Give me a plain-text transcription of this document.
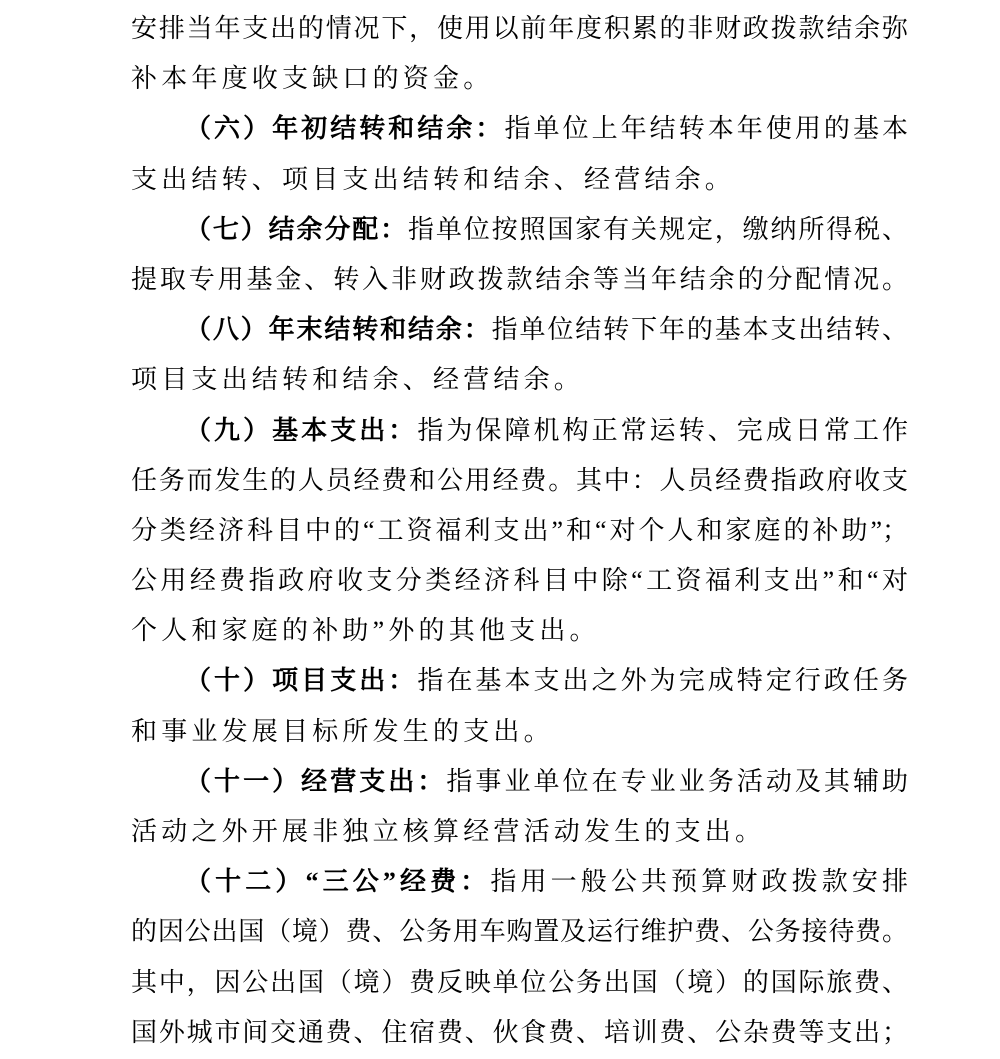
安排当年支出的情况下，使用以前年度积累的非财政拨款结余弥
补本年度收支缺口的资金。
（六）年初结转和结余：指单位上年结转本年使用的基本
支出结转、项目支出结转和结余、经营结余。
（七）结余分配：指单位按照国家有关规定，缴纳所得税、
提取专用基金、转入非财政拨款结余等当年结余的分配情况。
（八）年末结转和结余：指单位结转下年的基本支出结转、
项目支出结转和结余、经营结余。
（九）基本支出：指为保障机构正常运转、完成日常工作
任务而发生的人员经费和公用经费。其中：人员经费指政府收支
分类经济科目中的“工资福利支出”和“对个人和家庭的补助”；
公用经费指政府收支分类经济科目中除“工资福利支出”和“对
个人和家庭的补助”外的其他支出。
（十）项目支出：指在基本支出之外为完成特定行政任务
和事业发展目标所发生的支出。
（十一）经营支出：指事业单位在专业业务活动及其辅助
活动之外开展非独立核算经营活动发生的支出。
（十二）“三公”经费：指用一般公共预算财政拨款安排
的因公出国（境）费、公务用车购置及运行维护费、公务接待费。
其中，因公出国（境）费反映单位公务出国（境）的国际旅费、
国外城市间交通费、住宿费、伙食费、培训费、公杂费等支出；
